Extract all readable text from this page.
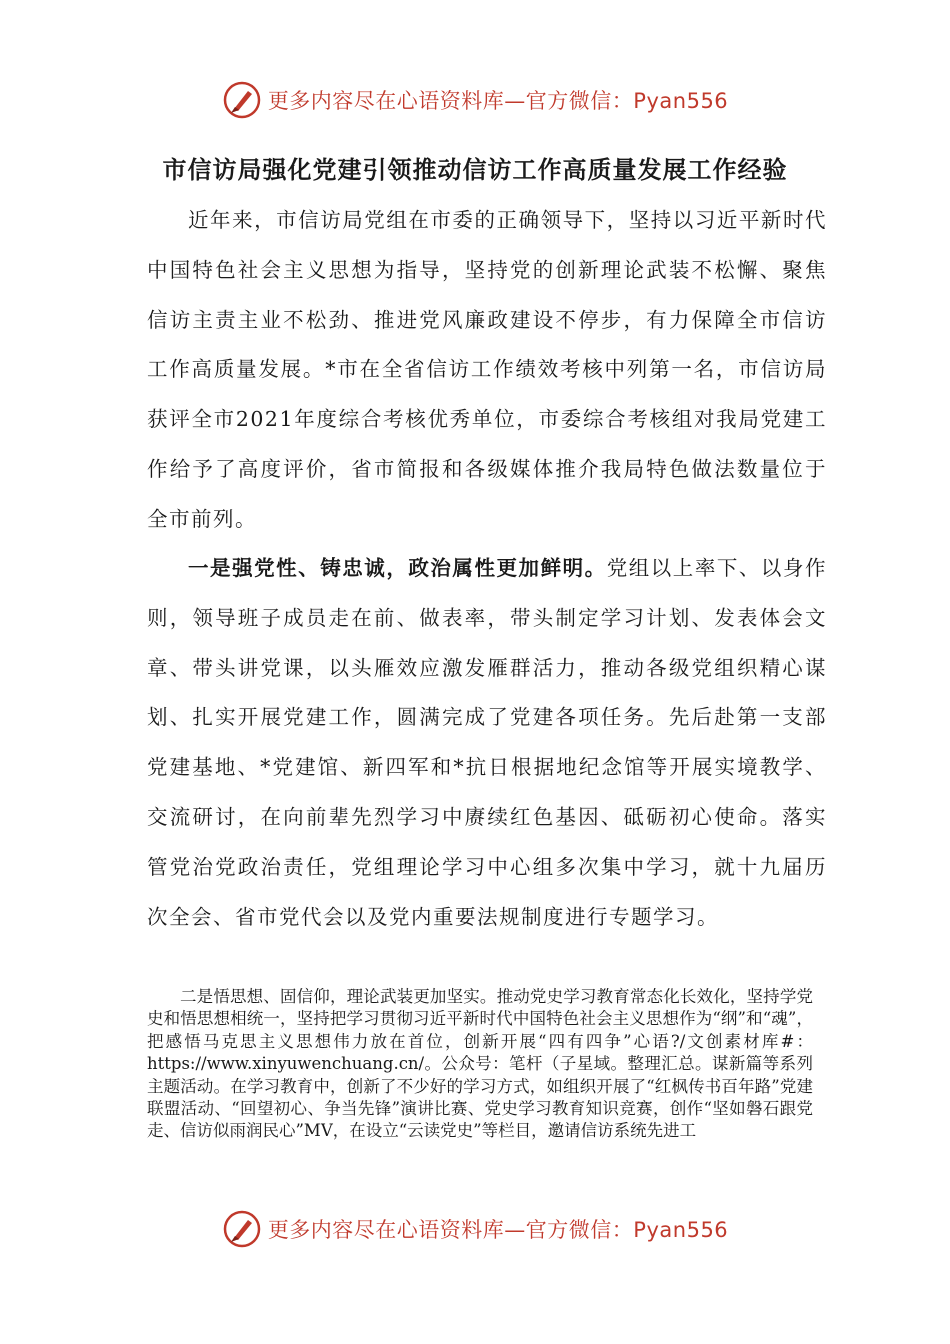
更多内容尽在心语资料库—官方微信：Pyan556
市信访局强化党建引领推动信访工作高质量发展工作经验

近年来，市信访局党组在市委的正确领导下，坚持以习近平新时代中国特色社会主义思想为指导，坚持党的创新理论武装不松懈、聚焦信访主责主业不松劲、推进党风廉政建设不停步，有力保障全市信访工作高质量发展。*市在全省信访工作绩效考核中列第一名，市信访局获评全市2021年度综合考核优秀单位，市委综合考核组对我局党建工作给予了高度评价，省市简报和各级媒体推介我局特色做法数量位于全市前列。

一是强党性、铸忠诚，政治属性更加鲜明。党组以上率下、以身作则，领导班子成员走在前、做表率，带头制定学习计划、发表体会文章、带头讲党课，以头雁效应激发雁群活力，推动各级党组织精心谋划、扎实开展党建工作，圆满完成了党建各项任务。先后赴第一支部党建基地、*党建馆、新四军和*抗日根据地纪念馆等开展实境教学、交流研讨，在向前辈先烈学习中赓续红色基因、砥砺初心使命。落实管党治党政治责任，党组理论学习中心组多次集中学习，就十九届历次全会、省市党代会以及党内重要法规制度进行专题学习。

二是悟思想、固信仰，理论武装更加坚实。推动党史学习教育常态化长效化，坚持学党史和悟思想相统一，坚持把学习贯彻习近平新时代中国特色社会主义思想作为“纲”和“魂”，把感悟马克思主义思想伟力放在首位，创新开展“四有四争”心语?/文创素材库#：https://www.xinyuwenchuang.cn/。公众号：笔杆（子星域。整理汇总。谋新篇等系列主题活动。在学习教育中，创新了不少好的学习方式，如组织开展了“红枫传书百年路”党建联盟活动、“回望初心、争当先锋”演讲比赛、党史学习教育知识竞赛，创作“坚如磐石跟党走、信访似雨润民心”MV，在设立“云读党史”等栏目，邀请信访系统先进工

更多内容尽在心语资料库—官方微信：Pyan556
